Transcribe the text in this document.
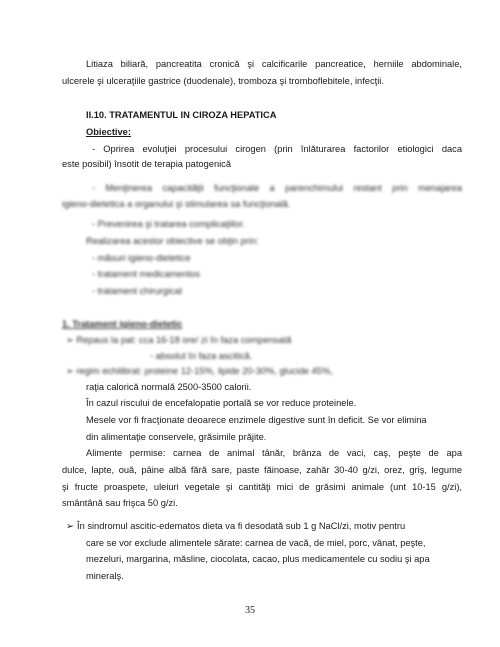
Litiaza biliară, pancreatita cronică şi calcificarile pancreatice, herniile abdominale,
ulcerele şi ulceraţiile gastrice (duodenale), tromboza şi tromboflebitele, infecţii.
II.10. TRATAMENTUL IN CIROZA HEPATICA
Obiective:
- Oprirea evoluţiei procesului cirogen (prin înlăturarea factorilor etiologici daca
este posibil) însotit de terapia patogenică
- Menţinerea capacităţii funcţionale a parenchimului restant prin menajarea
igieno-dietetica a organului şi stimularea sa funcţională.
- Prevenirea şi tratarea complicaţiilor.
Realizarea acestor obiective se obţin prin:
- măsuri igieno-dietetice
- tratament medicamentos
- tratament chirurgical
1. Tratament igieno-dietetic
➢ Repaus la pat: cca 16-18 ore/ zi în faza compensată
- absolut în faza ascitică.
➢ regim echilibrat: proteine 12-15%, lipide 20-30%, glucide 45%,
raţia calorică normală 2500-3500 calorii.
În cazul riscului de encefalopatie portală se vor reduce proteinele.
Mesele vor fi fracţionate deoarece enzimele digestive sunt în deficit. Se vor elimina
din alimentaţie conservele, grăsimile prăjite.
Alimente permise: carnea de animal tânăr, brânza de vaci, caş, peşte de apa
dulce, lapte, ouă, pâine albă fără sare, paste făinoase, zahăr 30-40 g/zi, orez, griş, legume
şi fructe proaspete, uleiuri vegetale şi cantităţi mici de grăsimi animale (unt 10-15 g/zi),
smântână sau frişca 50 g/zi.
➢ În sindromul ascitic-edematos dieta va fi desodată sub 1 g NaCl/zi, motiv pentru
care se vor exclude alimentele sărate: carnea de vacă, de miel, porc, vânat, peşte,
mezeluri, margarina, măsline, ciocolata, cacao, plus medicamentele cu sodiu şi apa
mineralş.
35
